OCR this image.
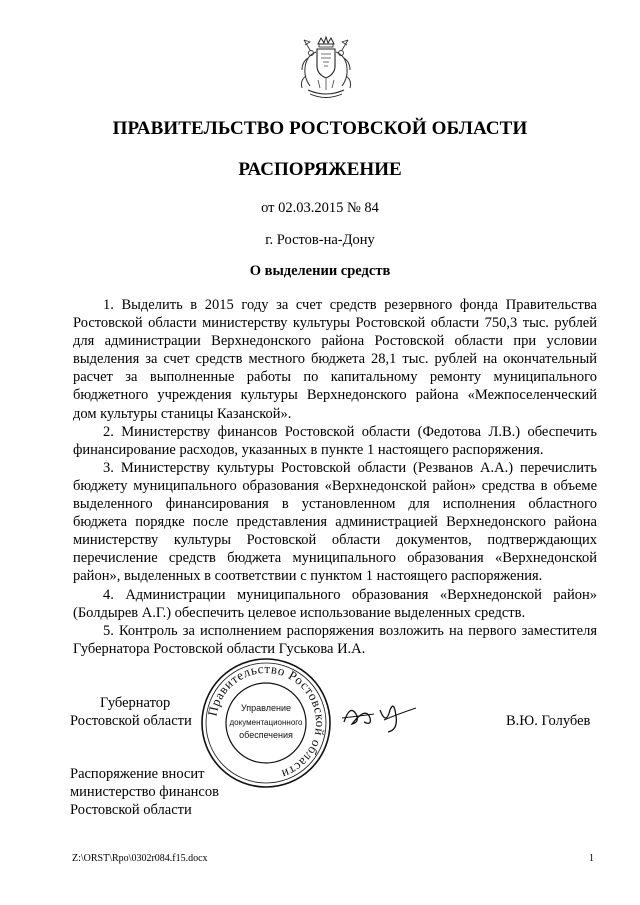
ПРАВИТЕЛЬСТВО РОСТОВСКОЙ ОБЛАСТИ
РАСПОРЯЖЕНИЕ
от 02.03.2015 № 84
г. Ростов-на-Дону
О выделении средств

1. Выделить в 2015 году за счет средств резервного фонда Правительства Ростовской области министерству культуры Ростовской области 750,3 тыс. рублей для администрации Верхнедонского района Ростовской области при условии выделения за счет средств местного бюджета 28,1 тыс. рублей на окончательный расчет за выполненные работы по капитальному ремонту муниципального бюджетного учреждения культуры Верхнедонского района «Межпоселенческий дом культуры станицы Казанской».

2. Министерству финансов Ростовской области (Федотова Л.В.) обеспечить финансирование расходов, указанных в пункте 1 настоящего распоряжения.

3. Министерству культуры Ростовской области (Резванов А.А.) перечислить бюджету муниципального образования «Верхнедонской район» средства в объеме выделенного финансирования в установленном для исполнения областного бюджета порядке после представления администрацией Верхнедонского района министерству культуры Ростовской области документов, подтверждающих перечисление средств бюджета муниципального образования «Верхнедонской район», выделенных в соответствии с пунктом 1 настоящего распоряжения.

4. Администрации муниципального образования «Верхнедонской район» (Болдырев А.Г.) обеспечить целевое использование выделенных средств.

5. Контроль за исполнением распоряжения возложить на первого заместителя Губернатора Ростовской области Гуськова И.А.

Губернатор
Ростовской области
Правительство Ростовской области
Управление
документационного
обеспечения
В.Ю. Голубев
Распоряжение вносит
министерство финансов
Ростовской области
Z:\ORST\Rpo\0302r084.f15.docx	1
